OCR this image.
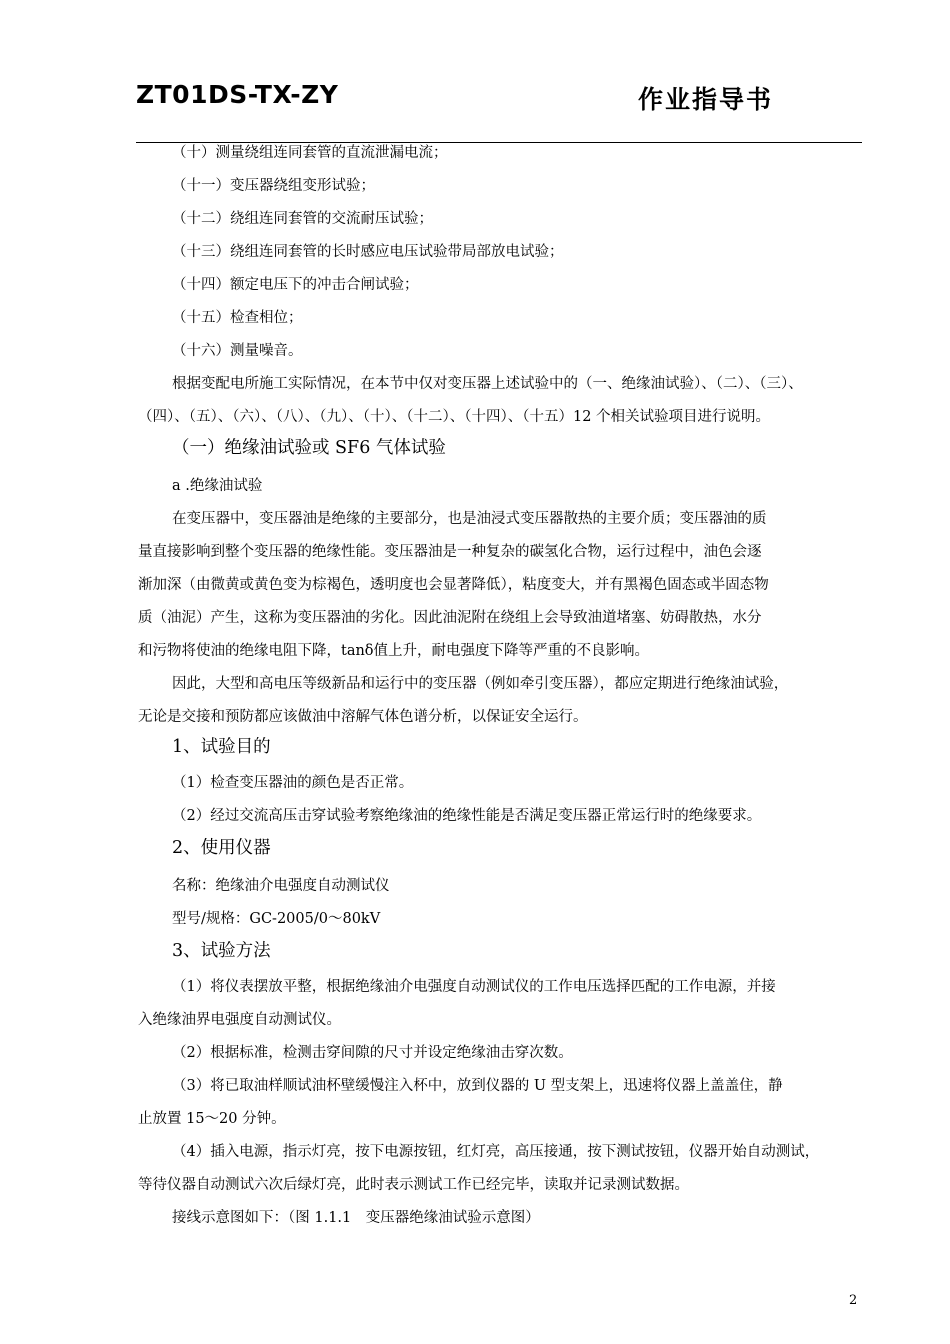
ZT01DS-TX-ZY	作业指导书
（十）测量绕组连同套管的直流泄漏电流；
（十一）变压器绕组变形试验；
（十二）绕组连同套管的交流耐压试验；
（十三）绕组连同套管的长时感应电压试验带局部放电试验；
（十四）额定电压下的冲击合闸试验；
（十五）检查相位；
（十六）测量噪音。
根据变配电所施工实际情况，在本节中仅对变压器上述试验中的（一、绝缘油试验）、（二）、（三）、
（四）、（五）、（六）、（八）、（九）、（十）、（十二）、（十四）、（十五）12 个相关试验项目进行说明。
（一）绝缘油试验或 SF6 气体试验
a .绝缘油试验
在变压器中，变压器油是绝缘的主要部分，也是油浸式变压器散热的主要介质；变压器油的质
量直接影响到整个变压器的绝缘性能。变压器油是一种复杂的碳氢化合物，运行过程中，油色会逐
渐加深（由微黄或黄色变为棕褐色，透明度也会显著降低），粘度变大，并有黑褐色固态或半固态物
质（油泥）产生，这称为变压器油的劣化。因此油泥附在绕组上会导致油道堵塞、妨碍散热，水分
和污物将使油的绝缘电阻下降，tanδ值上升，耐电强度下降等严重的不良影响。
因此，大型和高电压等级新品和运行中的变压器（例如牵引变压器），都应定期进行绝缘油试验，
无论是交接和预防都应该做油中溶解气体色谱分析，以保证安全运行。
1、试验目的
（1）检查变压器油的颜色是否正常。
（2）经过交流高压击穿试验考察绝缘油的绝缘性能是否满足变压器正常运行时的绝缘要求。
2、使用仪器
名称：绝缘油介电强度自动测试仪
型号/规格：GC-2005/0～80kV
3、试验方法
（1）将仪表摆放平整，根据绝缘油介电强度自动测试仪的工作电压选择匹配的工作电源，并接
入绝缘油界电强度自动测试仪。
（2）根据标准，检测击穿间隙的尺寸并设定绝缘油击穿次数。
（3）将已取油样顺试油杯壁缓慢注入杯中，放到仪器的 U 型支架上，迅速将仪器上盖盖住，静
止放置 15～20 分钟。
（4）插入电源，指示灯亮，按下电源按钮，红灯亮，高压接通，按下测试按钮，仪器开始自动测试，
等待仪器自动测试六次后绿灯亮，此时表示测试工作已经完毕，读取并记录测试数据。
接线示意图如下：（图 1.1.1　变压器绝缘油试验示意图）
2
